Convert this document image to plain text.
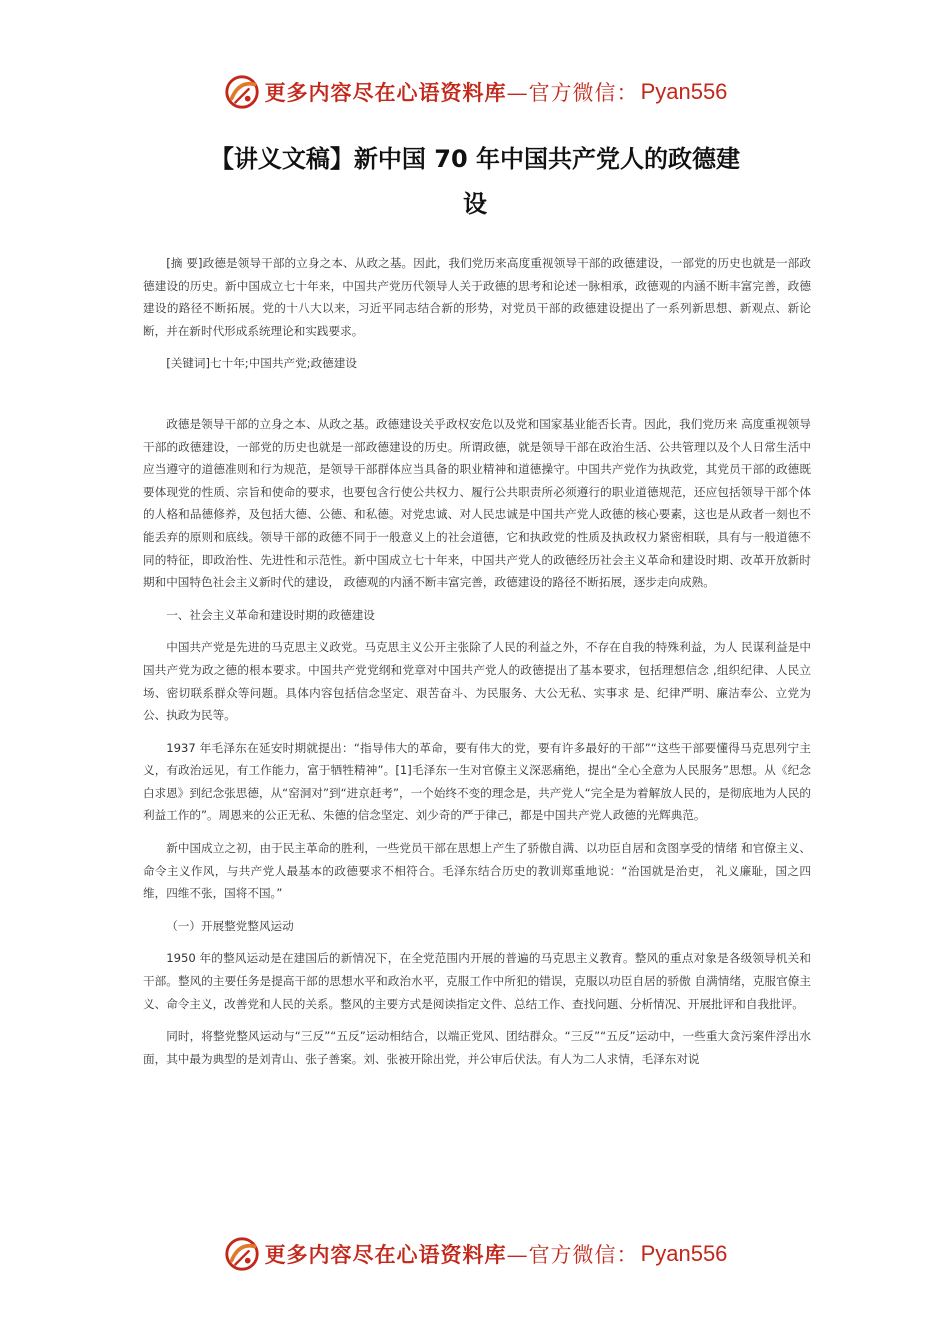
更多内容尽在心语资料库 —官方微信： Pyan556
【讲义文稿】新中国 70 年中国共产党人的政德建
设

[摘 要]政德是领导干部的立身之本、从政之基。因此，我们党历来高度重视领导干部的政德建设，一部党的历史也就是一部政德建设的历史。新中国成立七十年来，中国共产党历代领导人关于政德的思考和论述一脉相承，政德观的内涵不断丰富完善，政德建设的路径不断拓展。党的十八大以来，习近平同志结合新的形势，对党员干部的政德建设提出了一系列新思想、新观点、新论断，并在新时代形成系统理论和实践要求。

[关键词]七十年;中国共产党;政德建设

政德是领导干部的立身之本、从政之基。政德建设关乎政权安危以及党和国家基业能否长青。因此，我们党历来 高度重视领导干部的政德建设，一部党的历史也就是一部政德建设的历史。所谓政德，就是领导干部在政治生活、公共管理以及个人日常生活中应当遵守的道德准则和行为规范，是领导干部群体应当具备的职业精神和道德操守。中国共产党作为执政党，其党员干部的政德既要体现党的性质、宗旨和使命的要求，也要包含行使公共权力、履行公共职责所必须遵行的职业道德规范，还应包括领导干部个体的人格和品德修养，及包括大德、公德、和私德。对党忠诚、对人民忠诚是中国共产党人政德的核心要素，这也是从政者一刻也不能丢弃的原则和底线。领导干部的政德不同于一般意义上的社会道德，它和执政党的性质及执政权力紧密相联，具有与一般道德不同的特征，即政治性、先进性和示范性。新中国成立七十年来，中国共产党人的政德经历社会主义革命和建设时期、改革开放新时期和中国特色社会主义新时代的建设， 政德观的内涵不断丰富完善，政德建设的路径不断拓展，逐步走向成熟。

一、社会主义革命和建设时期的政德建设

中国共产党是先进的马克思主义政党。马克思主义公开主张除了人民的利益之外，不存在自我的特殊利益，为人 民谋利益是中国共产党为政之德的根本要求。中国共产党党纲和党章对中国共产党人的政德提出了基本要求，包括理想信念 ,组织纪律、人民立场、密切联系群众等问题。具体内容包括信念坚定、艰苦奋斗、为民服务、大公无私、实事求 是、纪律严明、廉洁奉公、立党为公、执政为民等。

1937 年毛泽东在延安时期就提出：“指导伟大的革命，要有伟大的党，要有许多最好的干部”“这些干部要懂得马克思列宁主义，有政治远见，有工作能力，富于牺牲精神”。[1]毛泽东一生对官僚主义深恶痛绝，提出“全心全意为人民服务”思想。从《纪念白求恩》到纪念张思德，从“窑洞对”到“进京赶考”，一个始终不变的理念是，共产党人“完全是为着解放人民的，是彻底地为人民的利益工作的”。周恩来的公正无私、朱德的信念坚定、刘少奇的严于律己，都是中国共产党人政德的光辉典范。

新中国成立之初，由于民主革命的胜利，一些党员干部在思想上产生了骄傲自满、以功臣自居和贪图享受的情绪 和官僚主义、命令主义作风，与共产党人最基本的政德要求不相符合。毛泽东结合历史的教训郑重地说：“治国就是治吏， 礼义廉耻，国之四维，四维不张，国将不国。”

（一）开展整党整风运动

1950 年的整风运动是在建国后的新情况下，在全党范围内开展的普遍的马克思主义教育。整风的重点对象是各级领导机关和干部。整风的主要任务是提高干部的思想水平和政治水平，克服工作中所犯的错误，克服以功臣自居的骄傲 自满情绪，克服官僚主义、命令主义，改善党和人民的关系。整风的主要方式是阅读指定文件、总结工作、查找问题、分析情况、开展批评和自我批评。

同时，将整党整风运动与“三反”“五反”运动相结合，以端正党风、团结群众。“三反”“五反”运动中，一些重大贪污案件浮出水面，其中最为典型的是刘青山、张子善案。刘、张被开除出党，并公审后伏法。有人为二人求情，毛泽东对说

更多内容尽在心语资料库 —官方微信： Pyan556
